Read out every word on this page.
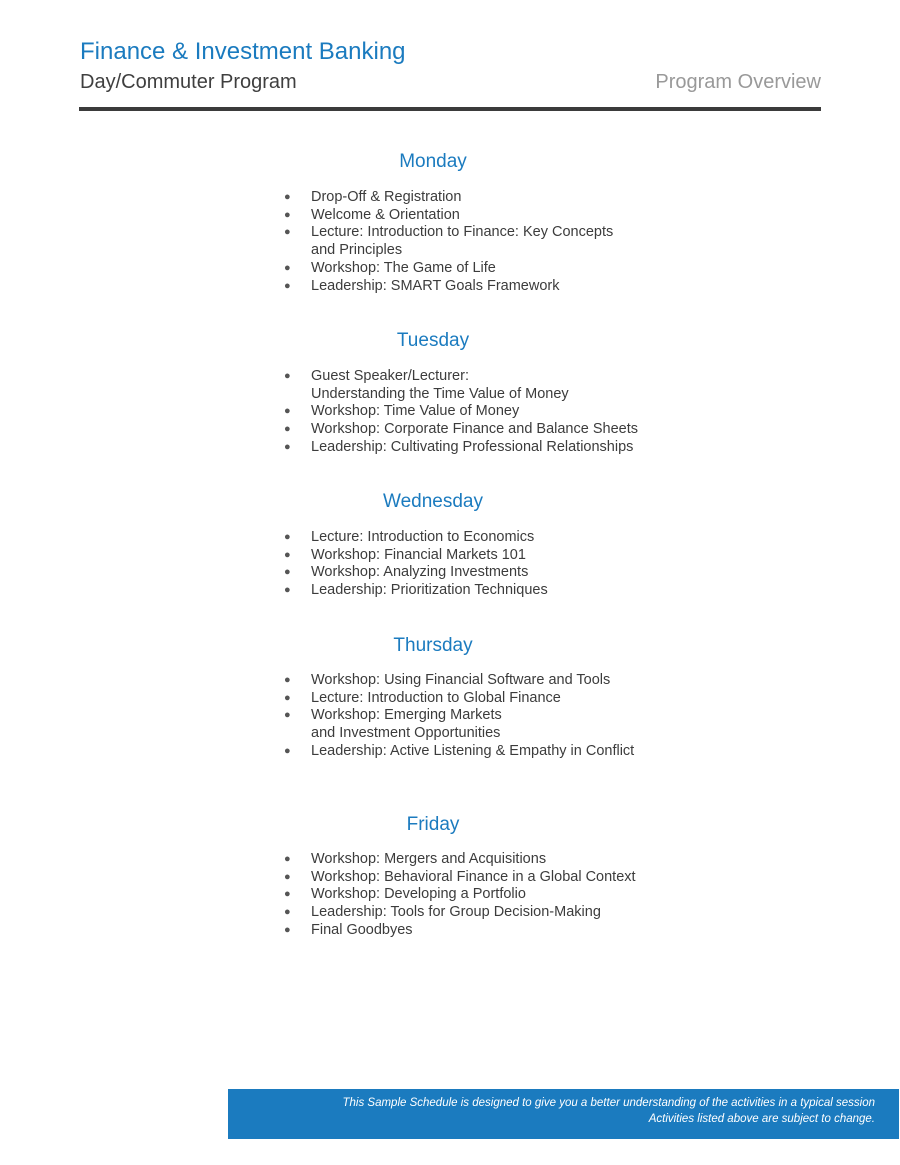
Finance & Investment Banking
Day/Commuter Program	Program Overview
Monday
● Drop-Off & Registration
● Welcome & Orientation
● Lecture: Introduction to Finance: Key Concepts
and Principles
● Workshop: The Game of Life
● Leadership: SMART Goals Framework
Tuesday
● Guest Speaker/Lecturer:
Understanding the Time Value of Money
● Workshop: Time Value of Money
● Workshop: Corporate Finance and Balance Sheets
● Leadership: Cultivating Professional Relationships
Wednesday
● Lecture: Introduction to Economics
● Workshop: Financial Markets 101
● Workshop: Analyzing Investments
● Leadership: Prioritization Techniques
Thursday
● Workshop: Using Financial Software and Tools
● Lecture: Introduction to Global Finance
● Workshop: Emerging Markets
and Investment Opportunities
● Leadership: Active Listening & Empathy in Conflict
Friday
● Workshop: Mergers and Acquisitions
● Workshop: Behavioral Finance in a Global Context
● Workshop: Developing a Portfolio
● Leadership: Tools for Group Decision-Making
● Final Goodbyes
This Sample Schedule is designed to give you a better understanding of the activities in a typical session
Activities listed above are subject to change.
